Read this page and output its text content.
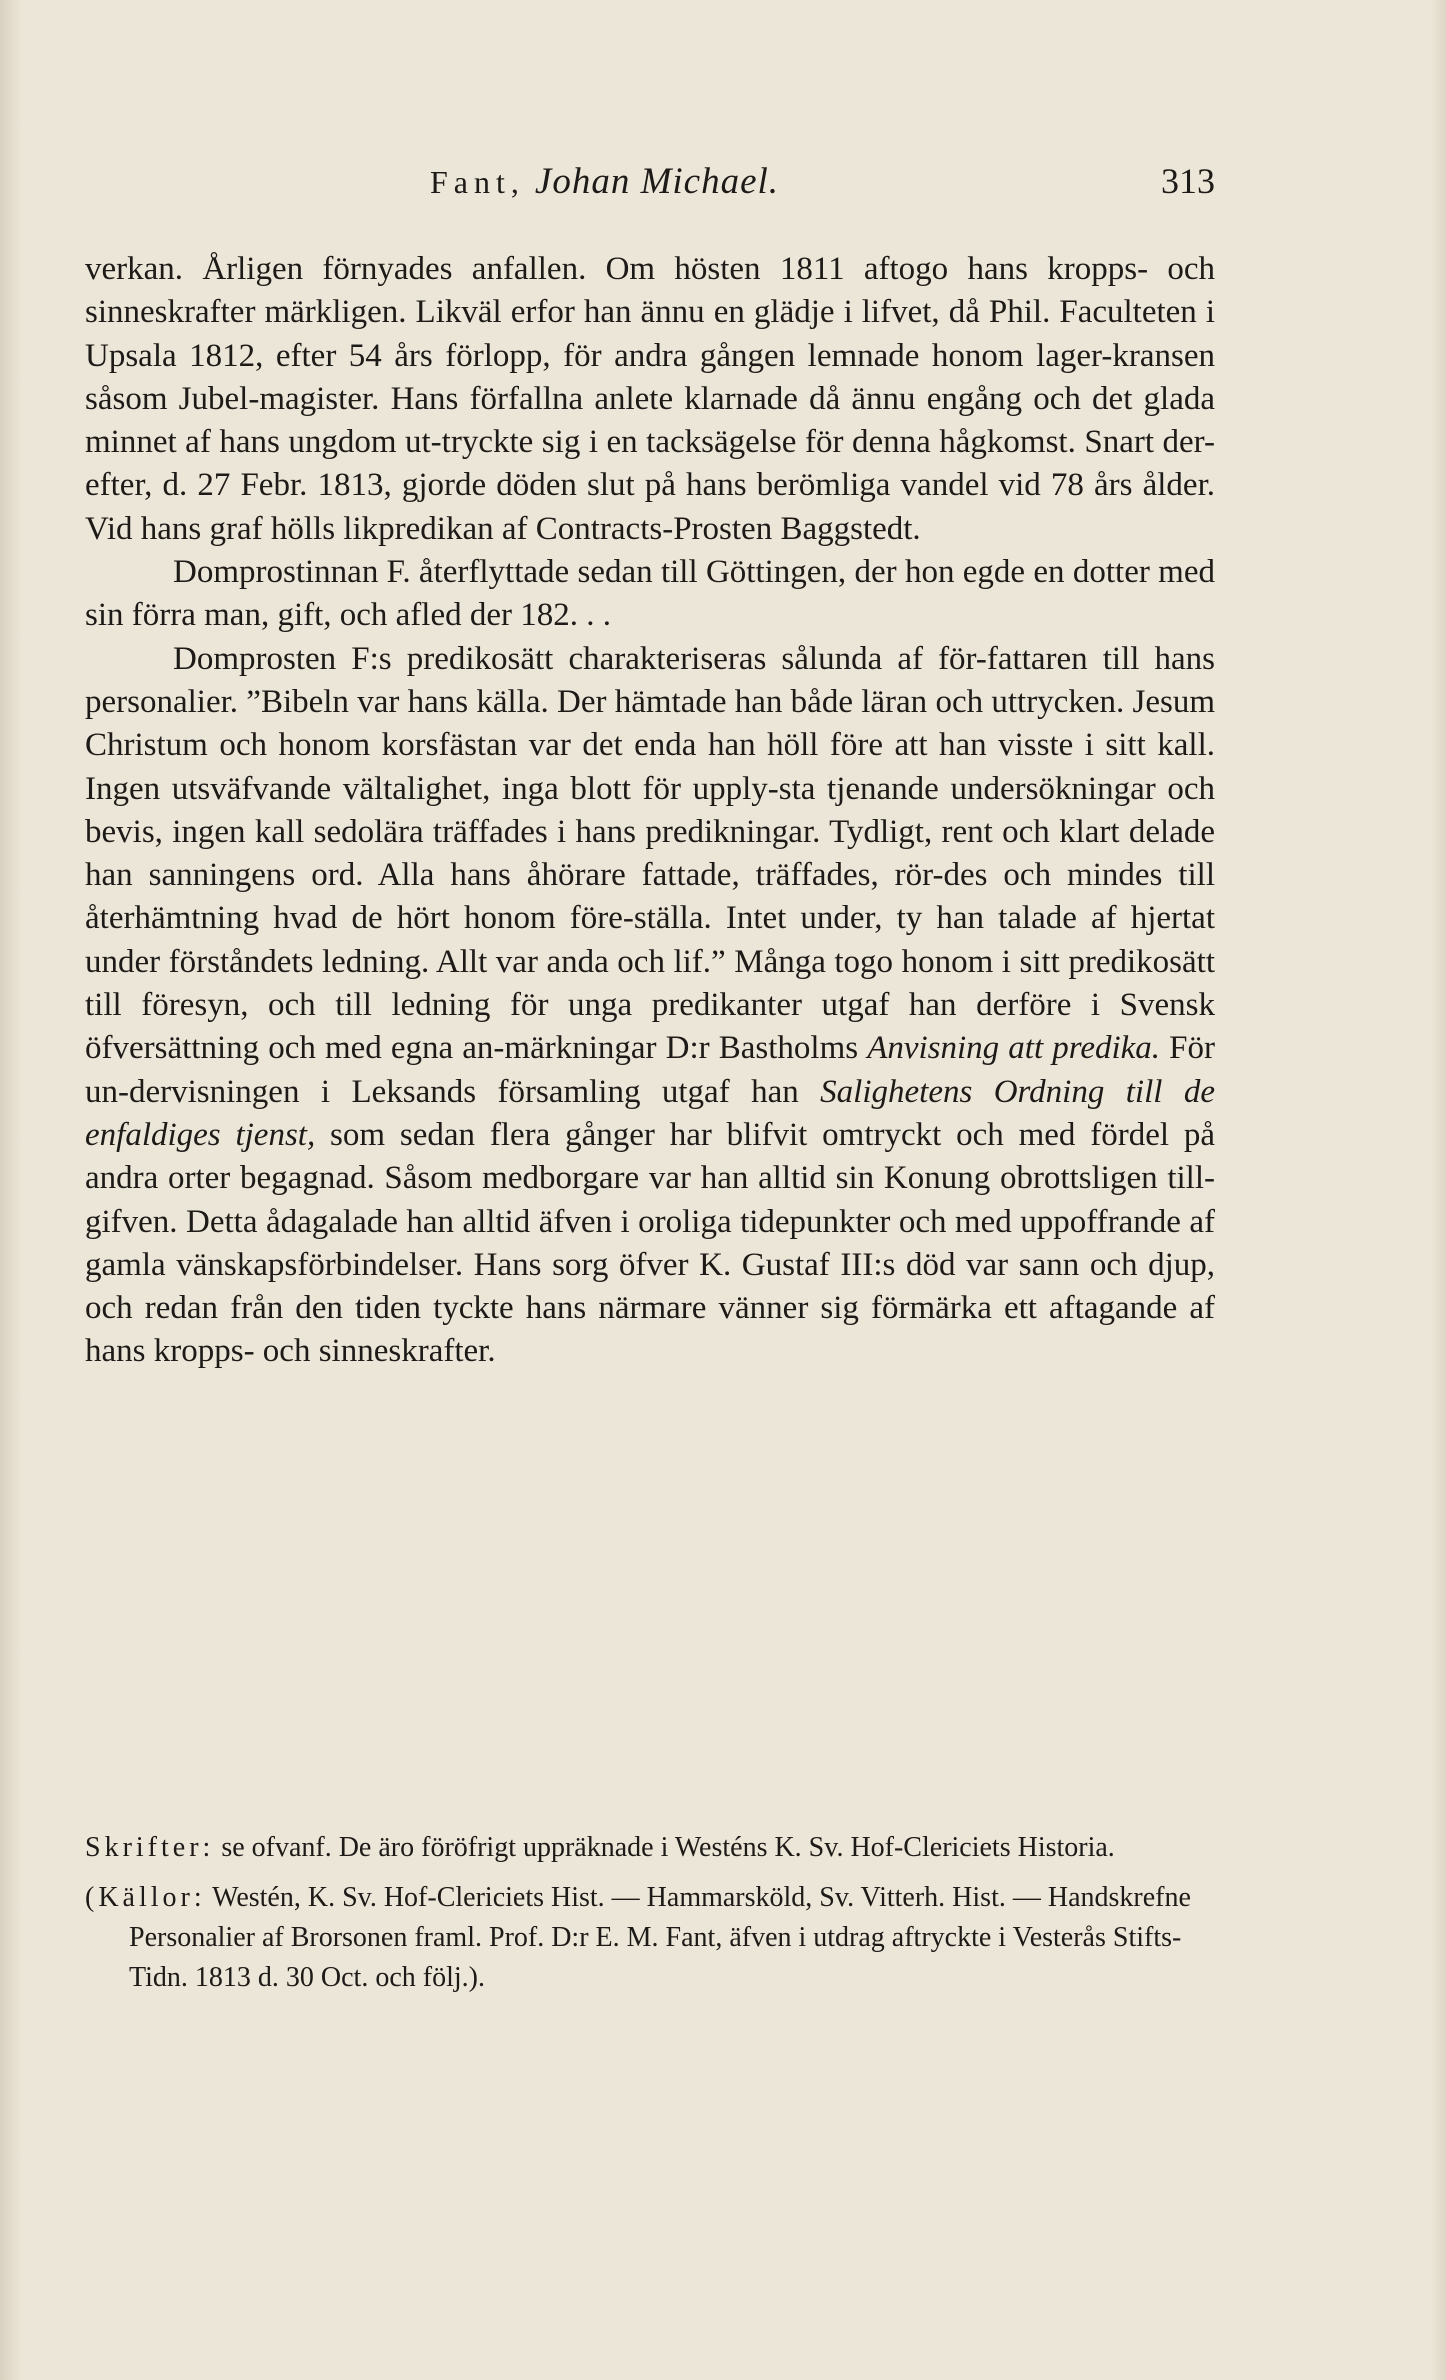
Fant, Johan Michael.	313

verkan. Årligen förnyades anfallen. Om hösten 1811 aftogo hans kropps- och sinneskrafter märkligen. Likväl erfor han ännu en glädje i lifvet, då Phil. Faculteten i Upsala 1812, efter 54 års förlopp, för andra gången lemnade honom lager-kransen såsom Jubel-magister. Hans förfallna anlete klarnade då ännu engång och det glada minnet af hans ungdom ut-tryckte sig i en tacksägelse för denna hågkomst. Snart der-efter, d. 27 Febr. 1813, gjorde döden slut på hans berömliga vandel vid 78 års ålder. Vid hans graf hölls likpredikan af Contracts-Prosten Baggstedt.

Domprostinnan F. återflyttade sedan till Göttingen, der hon egde en dotter med sin förra man, gift, och afled der 182. . .

Domprosten F:s predikosätt charakteriseras sålunda af för-fattaren till hans personalier. ”Bibeln var hans källa. Der hämtade han både läran och uttrycken. Jesum Christum och honom korsfästan var det enda han höll före att han visste i sitt kall. Ingen utsväfvande vältalighet, inga blott för upply-sta tjenande undersökningar och bevis, ingen kall sedolära träffades i hans predikningar. Tydligt, rent och klart delade han sanningens ord. Alla hans åhörare fattade, träffades, rör-des och mindes till återhämtning hvad de hört honom före-ställa. Intet under, ty han talade af hjertat under förståndets ledning. Allt var anda och lif.” Många togo honom i sitt predikosätt till föresyn, och till ledning för unga predikanter utgaf han derföre i Svensk öfversättning och med egna an-märkningar D:r Bastholms Anvisning att predika. För un-dervisningen i Leksands församling utgaf han Salighetens Ordning till de enfaldiges tjenst, som sedan flera gånger har blifvit omtryckt och med fördel på andra orter begagnad. Såsom medborgare var han alltid sin Konung obrottsligen till-gifven. Detta ådagalade han alltid äfven i oroliga tidepunkter och med uppoffrande af gamla vänskapsförbindelser. Hans sorg öfver K. Gustaf III:s död var sann och djup, och redan från den tiden tyckte hans närmare vänner sig förmärka ett aftagande af hans kropps- och sinneskrafter.

Skrifter: se ofvanf. De äro föröfrigt uppräknade i Westéns K. Sv. Hof-Clericiets Historia.

(Källor: Westén, K. Sv. Hof-Clericiets Hist. — Hammarsköld, Sv. Vitterh. Hist. — Handskrefne Personalier af Brorsonen framl. Prof. D:r E. M. Fant, äfven i utdrag aftryckte i Vesterås Stifts-Tidn. 1813 d. 30 Oct. och följ.).
